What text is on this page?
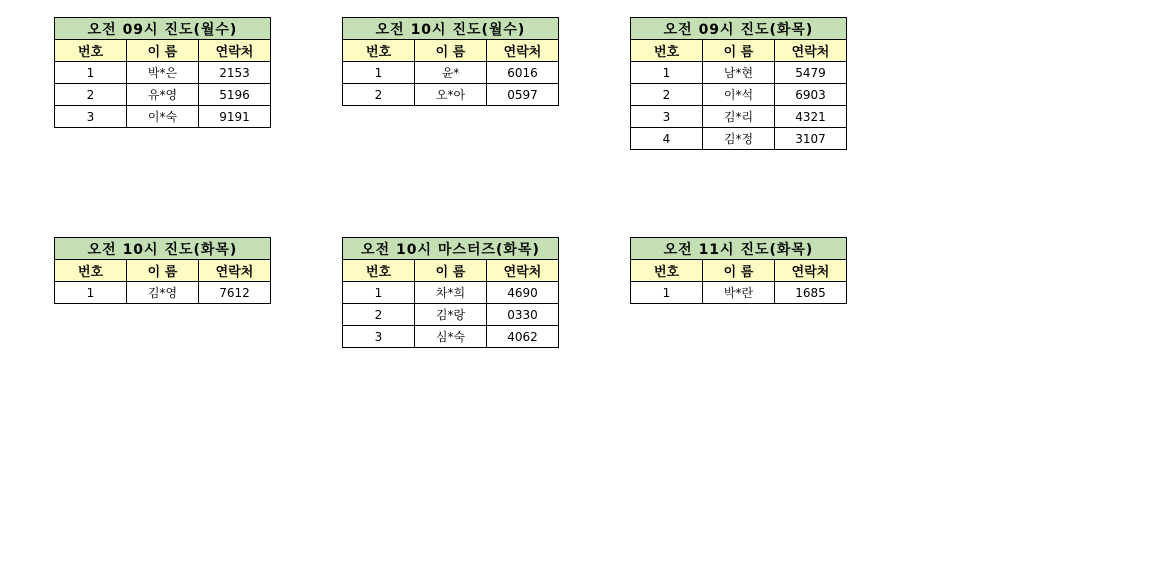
오전 09시 진도(월수)		
번호	이 름	연락처
1	박*은	2153
2	유*영	5196
3	이*숙	9191
오전 10시 진도(월수)		
번호	이 름	연락처
1	윤*	6016
2	오*아	0597
오전 09시 진도(화목)		
번호	이 름	연락처
1	남*현	5479
2	이*석	6903
3	김*리	4321
4	김*정	3107
오전 10시 진도(화목)		
번호	이 름	연락처
1	김*영	7612
오전 10시 마스터즈(화목)		
번호	이 름	연락처
1	차*희	4690
2	김*랑	0330
3	심*숙	4062
오전 11시 진도(화목)		
번호	이 름	연락처
1	박*란	1685
